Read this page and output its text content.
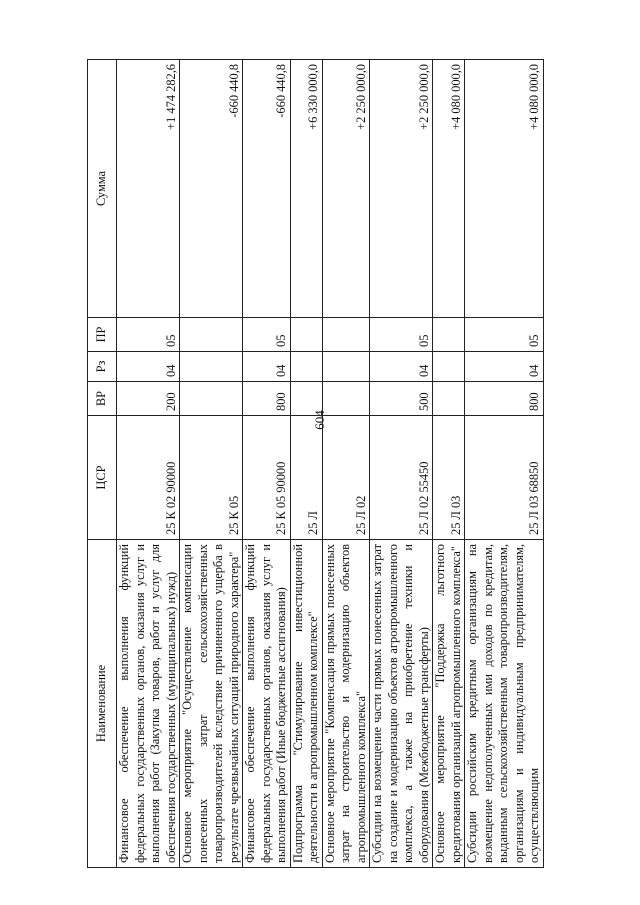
604
Наименование	ЦСР	ВР	Рз	ПР	Сумма
Финансовое обеспечение выполнения функций федеральных государственных органов, оказания услуг и выполнения работ (Закупка товаров, работ и услуг для обеспечения государственных (муниципальных) нужд)	25 К 02 90000	200	04	05	+1 474 282,6
Основное мероприятие "Осуществление компенсации понесенных затрат сельскохозяйственных товаропроизводителей вследствие причиненного ущерба в результате чрезвычайных ситуаций природного характера"	25 К 05				-660 440,8
Финансовое обеспечение выполнения функций федеральных государственных органов, оказания услуг и выполнения работ (Иные бюджетные ассигнования)	25 К 05 90000	800	04	05	-660 440,8
Подпрограмма "Стимулирование инвестиционной деятельности в агропромышленном комплексе"	25 Л				+6 330 000,0
Основное мероприятие "Компенсация прямых понесенных затрат на строительство и модернизацию объектов агропромышленного комплекса"	25 Л 02				+2 250 000,0
Субсидии на возмещение части прямых понесенных затрат на создание и модернизацию объектов агропромышленного комплекса, а также на приобретение техники и оборудования (Межбюджетные трансферты)	25 Л 02 55450	500	04	05	+2 250 000,0
Основное мероприятие "Поддержка льготного кредитования организаций агропромышленного комплекса"	25 Л 03				+4 080 000,0
Субсидии российским кредитным организациям на возмещение недополученных ими доходов по кредитам, выданным сельскохозяйственным товаропроизводителям, организациям и индивидуальным предпринимателям, осуществляющим	25 Л 03 68850	800	04	05	+4 080 000,0
